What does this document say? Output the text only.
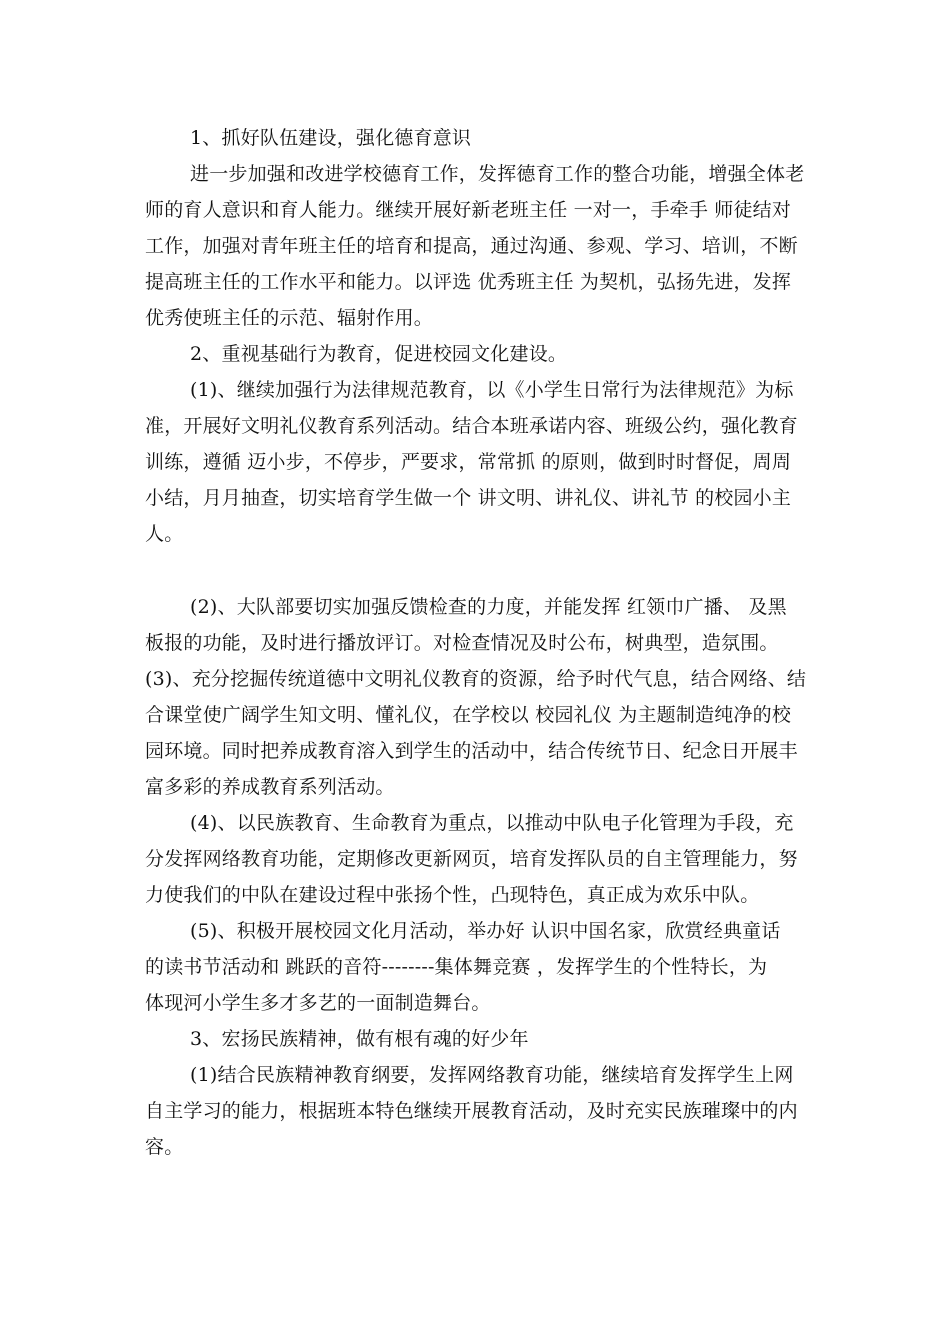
1、抓好队伍建设，强化德育意识
进一步加强和改进学校德育工作，发挥德育工作的整合功能，增强全体老
师的育人意识和育人能力。继续开展好新老班主任 一对一，手牵手 师徒结对
工作，加强对青年班主任的培育和提高，通过沟通、参观、学习、培训，不断
提高班主任的工作水平和能力。以评选 优秀班主任 为契机，弘扬先进，发挥
优秀使班主任的示范、辐射作用。
2、重视基础行为教育，促进校园文化建设。
(1)、继续加强行为法律规范教育，以《小学生日常行为法律规范》为标
准，开展好文明礼仪教育系列活动。结合本班承诺内容、班级公约，强化教育
训练，遵循 迈小步，不停步，严要求，常常抓 的原则，做到时时督促，周周
小结，月月抽查，切实培育学生做一个 讲文明、讲礼仪、讲礼节 的校园小主
人。
(2)、大队部要切实加强反馈检查的力度，并能发挥 红领巾广播、 及黑
板报的功能，及时进行播放评订。对检查情况及时公布，树典型，造氛围。
(3)、充分挖掘传统道德中文明礼仪教育的资源，给予时代气息，结合网络、结
合课堂使广阔学生知文明、懂礼仪，在学校以 校园礼仪 为主题制造纯净的校
园环境。同时把养成教育溶入到学生的活动中，结合传统节日、纪念日开展丰
富多彩的养成教育系列活动。
(4)、以民族教育、生命教育为重点，以推动中队电子化管理为手段，充
分发挥网络教育功能，定期修改更新网页，培育发挥队员的自主管理能力，努
力使我们的中队在建设过程中张扬个性，凸现特色，真正成为欢乐中队。
(5)、积极开展校园文化月活动，举办好 认识中国名家，欣赏经典童话
的读书节活动和 跳跃的音符--------集体舞竞赛 ，发挥学生的个性特长，为
体现河小学生多才多艺的一面制造舞台。
3、宏扬民族精神，做有根有魂的好少年
(1)结合民族精神教育纲要，发挥网络教育功能，继续培育发挥学生上网
自主学习的能力，根据班本特色继续开展教育活动，及时充实民族璀璨中的内
容。
